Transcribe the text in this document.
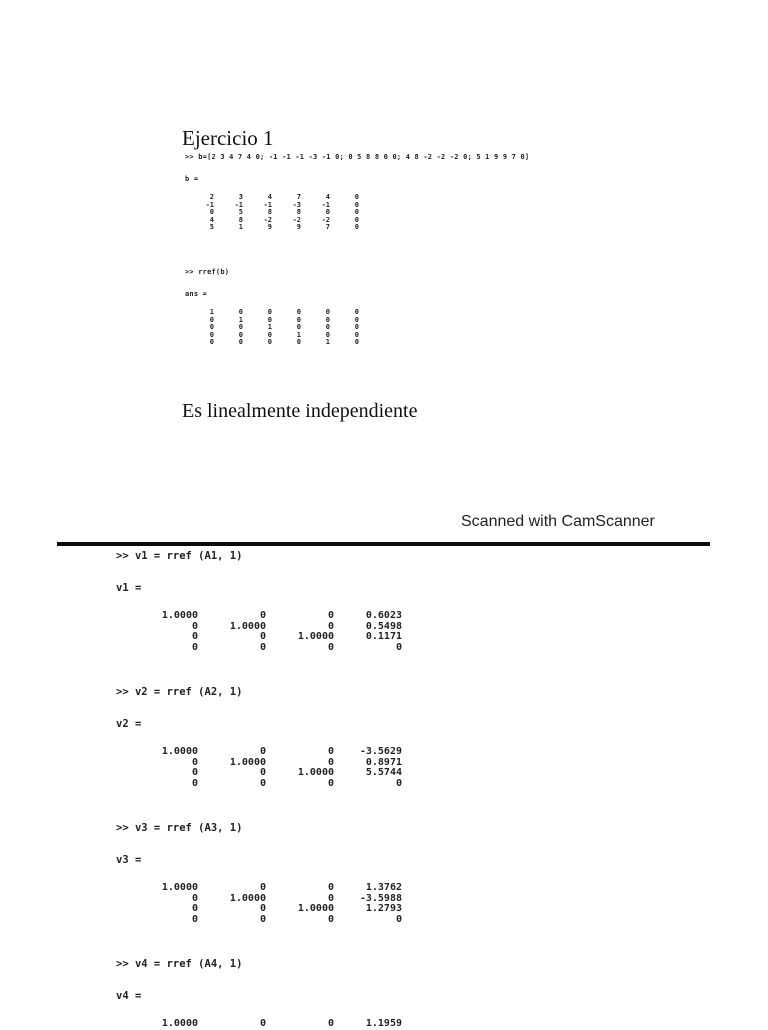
Ejercicio 1
>> b=[2 3 4 7 4 0; -1 -1 -1 -3 -1 0; 0 5 8 8 0 0; 4 8 -2 -2 -2 0; 5 1 9 9 7 0]
b =
2	3	4	7	4	0
-1	-1	-1	-3	-1	0
0	5	8	8	0	0
4	8	-2	-2	-2	0
5	1	9	9	7	0
>> rref(b)
ans =
1	0	0	0	0	0
0	1	0	0	0	0
0	0	1	0	0	0
0	0	0	1	0	0
0	0	0	0	1	0
Es linealmente independiente
Scanned with CamScanner
>> v1 = rref (A1, 1)
v1 =
1.0000	0	0	0.6023
0	1.0000	0	0.5498
0	0	1.0000	0.1171
0	0	0	0
>> v2 = rref (A2, 1)
v2 =
1.0000	0	0	-3.5629
0	1.0000	0	0.8971
0	0	1.0000	5.5744
0	0	0	0
>> v3 = rref (A3, 1)
v3 =
1.0000	0	0	1.3762
0	1.0000	0	-3.5988
0	0	1.0000	1.2793
0	0	0	0
>> v4 = rref (A4, 1)
v4 =
1.0000	0	0	1.1959
